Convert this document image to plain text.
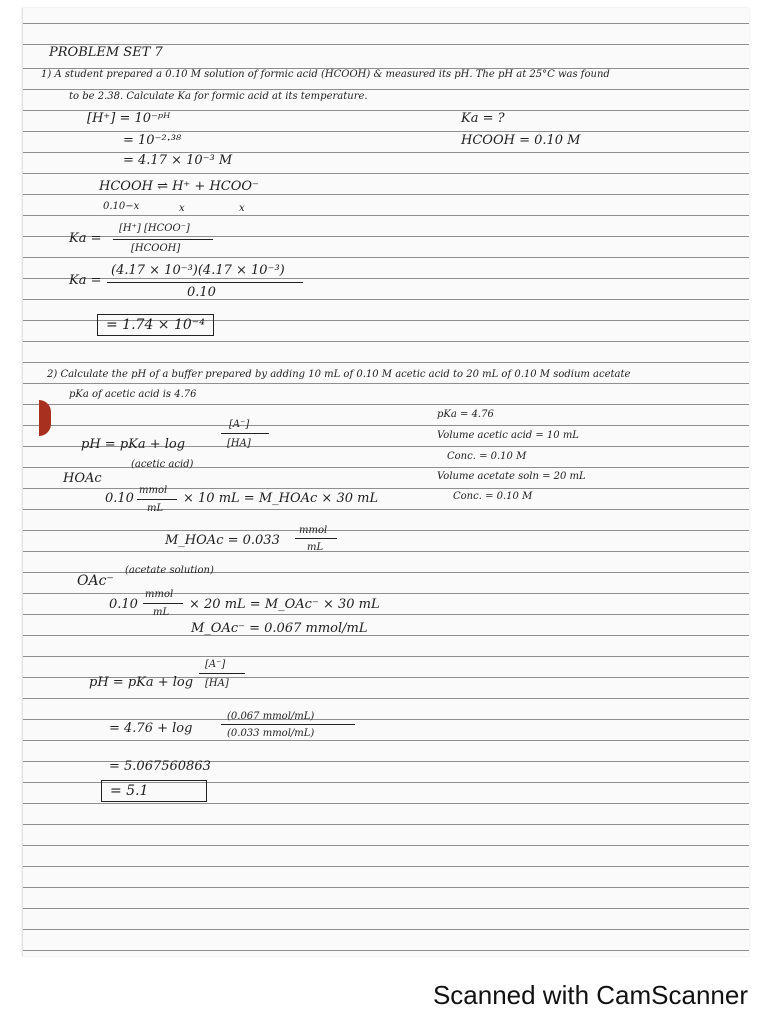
PROBLEM SET 7
1) A student prepared a 0.10 M solution of formic acid (HCOOH) & measured its pH. The pH at 25°C was found
to be 2.38. Calculate Ka for formic acid at its temperature.
Ka = ?
HCOOH = 0.10 M
[H⁺] = 10⁻ᵖᴴ
= 10⁻²·³⁸
= 4.17 × 10⁻³ M
HCOOH ⇌ H⁺ + HCOO⁻
0.10−x	x	x
Ka =
[H⁺] [HCOO⁻]
[HCOOH]
Ka =
(4.17 × 10⁻³)(4.17 × 10⁻³)
0.10
= 1.74 × 10⁻⁴
2) Calculate the pH of a buffer prepared by adding 10 mL of 0.10 M acetic acid to 20 mL of 0.10 M sodium acetate
pKa of acetic acid is 4.76
pH = pKa + log
[A⁻]
[HA]
pKa = 4.76
Volume acetic acid = 10 mL
Conc. = 0.10 M
Volume acetate soln = 20 mL
Conc. = 0.10 M
HOAc
(acetic acid)
0.10
mmol
mL
× 10 mL = M_HOAc × 30 mL
M_HOAc = 0.033
mmol
mL
OAc⁻
(acetate solution)
0.10
mmol
mL
× 20 mL = M_OAc⁻ × 30 mL
M_OAc⁻ = 0.067 mmol/mL
pH = pKa + log
[A⁻]
[HA]
= 4.76 + log
(0.067 mmol/mL)
(0.033 mmol/mL)
= 5.067560863
= 5.1
Scanned with CamScanner
